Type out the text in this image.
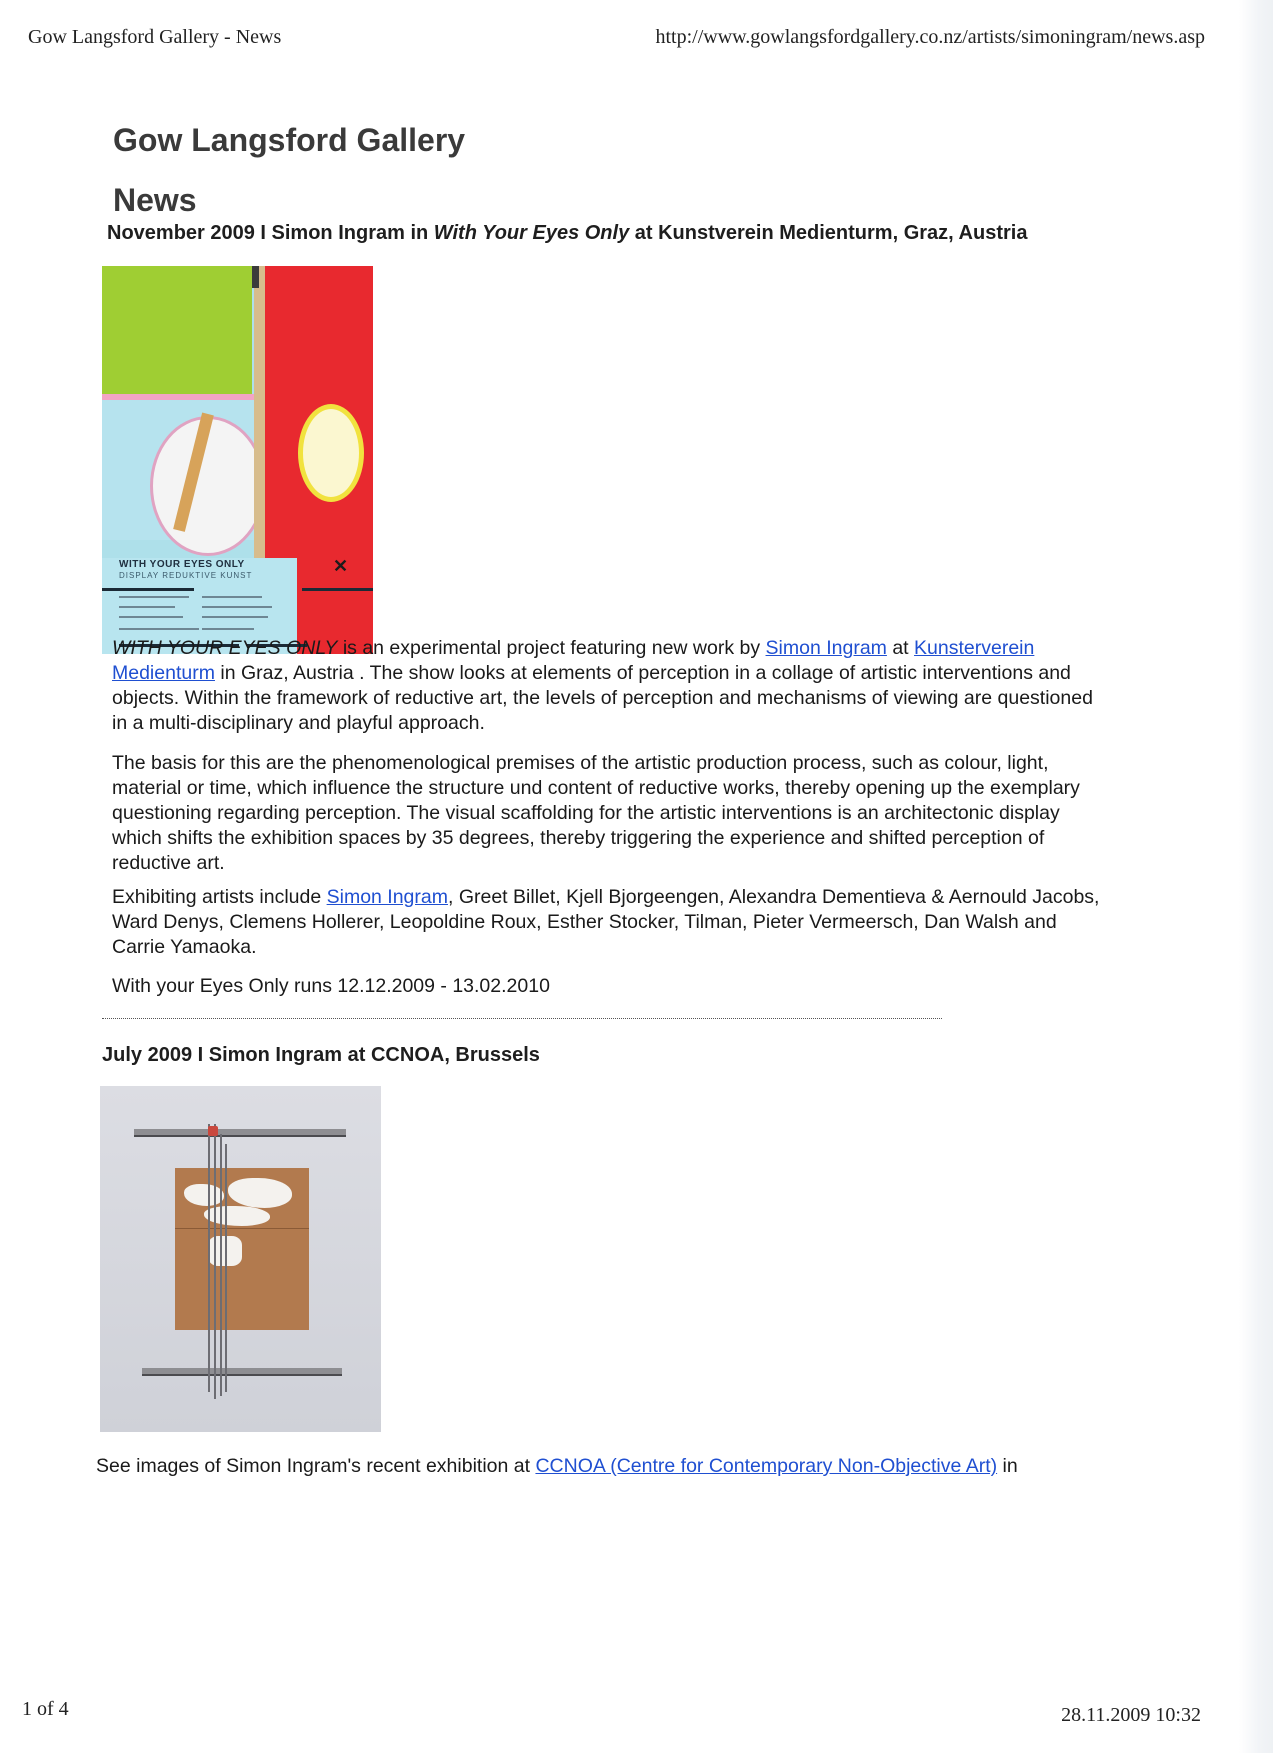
Gow Langsford Gallery - News	http://www.gowlangsfordgallery.co.nz/artists/simoningram/news.asp
Gow Langsford Gallery
News
November 2009 I Simon Ingram in With Your Eyes Only at Kunstverein Medienturm, Graz, Austria
WITH YOUR EYES ONLY
DISPLAY REDUKTIVE KUNST	✕

WITH YOUR EYES ONLY is an experimental project featuring new work by Simon Ingram at Kunsterverein Medienturm in Graz, Austria . The show looks at elements of perception in a collage of artistic interventions and objects. Within the framework of reductive art, the levels of perception and mechanisms of viewing are questioned in a multi-disciplinary and playful approach.

The basis for this are the phenomenological premises of the artistic production process, such as colour, light, material or time, which influence the structure und content of reductive works, thereby opening up the exemplary questioning regarding perception. The visual scaffolding for the artistic interventions is an architectonic display which shifts the exhibition spaces by 35 degrees, thereby triggering the experience and shifted perception of reductive art.

Exhibiting artists include Simon Ingram, Greet Billet, Kjell Bjorgeengen, Alexandra Dementieva & Aernould Jacobs, Ward Denys, Clemens Hollerer, Leopoldine Roux, Esther Stocker, Tilman, Pieter Vermeersch, Dan Walsh and Carrie Yamaoka.

With your Eyes Only runs 12.12.2009 - 13.02.2010

July 2009 I Simon Ingram at CCNOA, Brussels

See images of Simon Ingram's recent exhibition at CCNOA (Centre for Contemporary Non-Objective Art) in

1 of 4	28.11.2009 10:32
